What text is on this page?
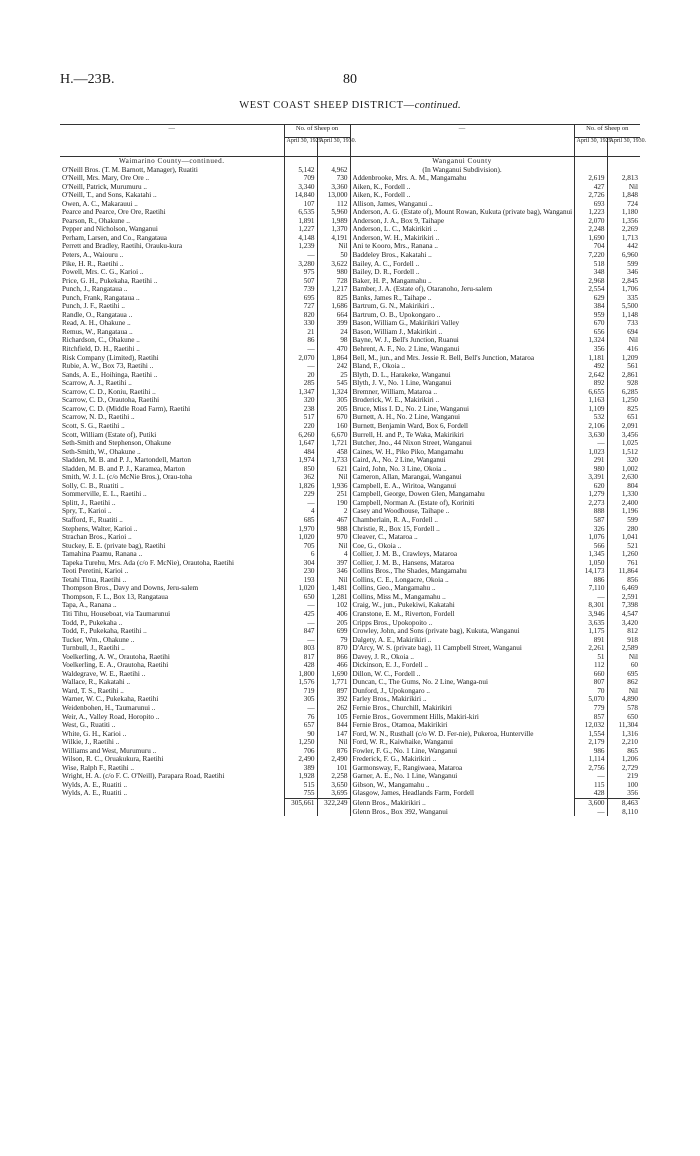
H.—23B.	80
WEST COAST SHEEP DISTRICT—continued.
—	No. of Sheep on		—	No. of Sheep on	
	April 30, 1929.	April 30, 1930.		April 30, 1929.	April 30, 1930.
Waimarino County—continued.			Wanganui County		
O'Neill Bros. (T. M. Barnott, Manager), Ruatiti	5,142	4,962	(In Wanganui Subdivision).		
O'Neill, Mrs. Mary, Ore Ore ..	709	730	Addenbrooke, Mrs. A. M., Mangamahu	2,619	2,813
O'Neill, Patrick, Murumuru ..	3,340	3,360	Aiken, K., Fordell ..	427	Nil
O'Neill, T., and Sons, Kakatahi ..	14,840	13,000	Aiken, K., Fordell ..	2,726	1,848
Owen, A. C., Makarauui ..	107	112	Allison, James, Wanganui ..	693	724
Pearce and Pearce, Ore Ore, Raetihi	6,535	5,960	Anderson, A. G. (Estate of), Mount Rowan, Kukuta (private bag), Wanganui	1,223	1,180
Pearson, R., Ohakune ..	1,891	1,989	Anderson, J. A., Box 9, Taihape	2,070	1,356
Pepper and Nicholson, Wanganui	1,227	1,370	Anderson, L. C., Makirikiri ..	2,248	2,269
Perham, Larsen, and Co., Rangataua	4,148	4,191	Anderson, W. H., Makirikiri ..	1,690	1,713
Perrett and Bradley, Raetihi, Orauku-kura	1,239	Nil	Ani te Kooro, Mrs., Ranana ..	704	442
Peters, A., Waiouru ..	—	50	Baddeley Bros., Kakatahi ..	7,220	6,960
Pike, H. R., Raetihi ..	3,280	3,622	Bailey, A. C., Fordell ..	518	599
Powell, Mrs. C. G., Karioi ..	975	980	Bailey, D. R., Fordell ..	348	346
Price, G. H., Pukekaha, Raetihi ..	507	728	Baker, H. P., Mangamahu ..	2,968	2,845
Punch, J., Rangataua ..	739	1,217	Bamber, J. A. (Estate of), Otaranoho, Jeru-salem	2,554	1,706
Punch, Frank, Rangataua ..	695	825	Banks, James R., Taihape ..	629	335
Punch, J. F., Raetihi ..	727	1,686	Bartrum, G. N., Makirikiri ..	384	5,500
Randle, O., Rangataua ..	820	664	Bartrum, O. B., Upokongaro ..	959	1,148
Read, A. H., Ohakune ..	330	399	Bason, William G., Makirikiri Valley	670	733
Remus, W., Rangataua ..	21	24	Bason, William J., Makirikiri ..	656	694
Richardson, C., Ohakune ..	86	98	Bayne, W. J., Bell's Junction, Ruanui	1,324	Nil
Ritchfield, D. H., Raetihi ..	—	470	Behrent, A. F., No. 2 Line, Wanganui	356	416
Risk Company (Limited), Raetihi	2,070	1,864	Bell, M., jun., and Mrs. Jessie R. Bell, Bell's Junction, Mataroa	1,181	1,209
Rubie, A. W., Box 73, Raetihi ..	—	242	Bland, F., Okoia ..	492	561
Sands, A. E., Hoihinga, Raetihi ..	20	25	Blyth, D. L., Harakeke, Wanganui	2,642	2,861
Scarrow, A. J., Raetihi ..	285	545	Blyth, J. V., No. 1 Line, Wanganui	892	928
Scarrow, C. D., Koniu, Raetihi ..	1,347	1,324	Bremner, William, Mataroa ..	6,655	6,285
Scarrow, C. D., Orautoha, Raetihi	320	305	Broderick, W. E., Makirikiri ..	1,163	1,250
Scarrow, C. D. (Middle Road Farm), Raetihi	238	205	Bruce, Miss I. D., No. 2 Line, Wanganui	1,109	825
Scarrow, N. D., Raetihi ..	517	670	Burnett, A. H., No. 2 Line, Wanganui	532	651
Scott, S. G., Raetihi ..	220	160	Burnett, Benjamin Ward, Box 6, Fordell	2,106	2,091
Scott, William (Estate of), Putiki	6,260	6,670	Burrell, H. and P., Te Waka, Makirikiri	3,630	3,456
Seth-Smith and Stephenson, Ohakune	1,647	1,721	Butcher, Jno., 44 Nixon Street, Wanganui	—	1,025
Seth-Smith, W., Ohakune ..	484	458	Caines, W. H., Piko Piko, Mangamahu	1,023	1,512
Sladden, M. B. and P. J., Martondell, Marton	1,974	1,733	Caird, A., No. 2 Line, Wanganui	291	320
Sladden, M. B. and P. J., Karamea, Marton	850	621	Caird, John, No. 3 Line, Okoia ..	980	1,002
Smith, W. J. L. (c/o McNie Bros.), Orau-toha	362	Nil	Cameron, Allan, Marangai, Wanganui	3,391	2,630
Solly, C. B., Ruatiti ..	1,826	1,936	Campbell, E. A., Wiritoa, Wanganui	620	804
Sommerville, E. L., Raetihi ..	229	251	Campbell, George, Dowen Glen, Mangamahu	1,279	1,330
Splitt, J., Raetihi ..	—	190	Campbell, Norman A. (Estate of), Koriniti	2,273	2,400
Spry, T., Karioi ..	4	2	Casey and Woodhouse, Taihape ..	888	1,196
Stafford, F., Ruatiti ..	685	467	Chamberlain, R. A., Fordell ..	587	599
Stephens, Walter, Karioi ..	1,970	988	Christie, R., Box 15, Fordell ..	326	280
Strachan Bros., Karioi ..	1,020	970	Cleaver, C., Mataroa ..	1,076	1,041
Stuckey, E. E. (private bag), Raetihi	705	Nil	Coe, G., Okoia ..	566	521
Tamahina Paamu, Ranana ..	6	4	Collier, J. M. B., Crawleys, Mataroa	1,345	1,260
Tapeka Turehu, Mrs. Ada (c/o F. McNie), Orautoha, Raetihi	304	397	Collier, J. M. B., Hansens, Mataroa	1,050	761
Teoti Peretini, Karioi ..	230	346	Collins Bros., The Shades, Mangamahu	14,173	11,864
Tetahi Titua, Raetihi ..	193	Nil	Collins, C. E., Longacre, Okoia ..	886	856
Thompson Bros., Davy and Downs, Jeru-salem	1,020	1,481	Collins, Geo., Mangamahu ..	7,110	6,469
Thompson, F. L., Box 13, Rangataua	650	1,281	Collins, Miss M., Mangamahu ..	—	2,591
Tapa, A., Ranana ..	—	102	Craig, W., jun., Pukekiwi, Kakatahi	8,301	7,398
Titi Tihu, Houseboat, via Taumarunui	425	406	Cranstone, E. M., Riverton, Fordell	3,946	4,547
Todd, P., Pukekaha ..	—	205	Cripps Bros., Upokopoito ..	3,635	3,420
Todd, F., Pukekaha, Raetihi ..	847	699	Crowley, John, and Sons (private bag), Kukuta, Wanganui	1,175	812
Tucker, Wm., Ohakune ..	—	79	Dalgety, A. E., Makirikiri ..	891	918
Turnbull, J., Raetihi ..	803	870	D'Arcy, W. S. (private bag), 11 Campbell Street, Wanganui	2,261	2,589
Voelkerling, A. W., Orautoha, Raetihi	817	866	Davey, J. R., Okoia ..	51	Nil
Voelkerling, E. A., Orautoha, Raetihi	428	466	Dickinson, E. J., Fordell ..	112	60
Waldegrave, W. E., Raetihi ..	1,800	1,690	Dillon, W. C., Fordell ..	660	695
Wallace, R., Kakatahi ..	1,576	1,771	Duncan, C., The Gums, No. 2 Line, Wanga-nui	807	862
Ward, T. S., Raetihi ..	719	897	Dunford, J., Upokongaro ..	70	Nil
Warner, W. C., Pukekaha, Raetihi	305	392	Farley Bros., Makirikiri ..	5,070	4,890
Weidenbohen, H., Taumarunui ..	—	262	Fernie Bros., Churchill, Makirikiri	779	578
Weir, A., Valley Road, Horopito ..	76	105	Fernie Bros., Government Hills, Makiri-kiri	857	650
West, G., Ruatiti ..	657	844	Fernie Bros., Otamoa, Makirikiri	12,032	11,304
White, G. H., Karioi ..	90	147	Ford, W. N., Rusthall (c/o W. D. Fer-nie), Pukeroa, Hunterville	1,554	1,316
Wilkie, J., Raetihi ..	1,250	Nil	Ford, W. R., Kaiwhaike, Wanganui	2,179	2,210
Williams and West, Murumuru ..	706	876	Fowler, F. G., No. 1 Line, Wanganui	986	865
Wilson, R. C., Oruakukura, Raetihi	2,490	2,490	Frederick, F. G., Makirikiri ..	1,114	1,206
Wise, Ralph F., Raetihi ..	389	101	Garmonsway, F., Rangiwaea, Mataroa	2,756	2,729
Wright, H. A. (c/o F. C. O'Neill), Parapara Road, Raetihi	1,928	2,258	Garner, A. E., No. 1 Line, Wanganui	—	219
Wylds, A. E., Ruatiti ..	515	3,650	Gibson, W., Mangamahu ..	115	100
Wylds, A. E., Ruatiti ..	755	3,695	Glasgow, James, Headlands Farm, Fordell	428	356
	305,661	322,249	Glenn Bros., Makirikiri ..	3,600	8,463
			Glenn Bros., Box 392, Wanganui	—	8,110
